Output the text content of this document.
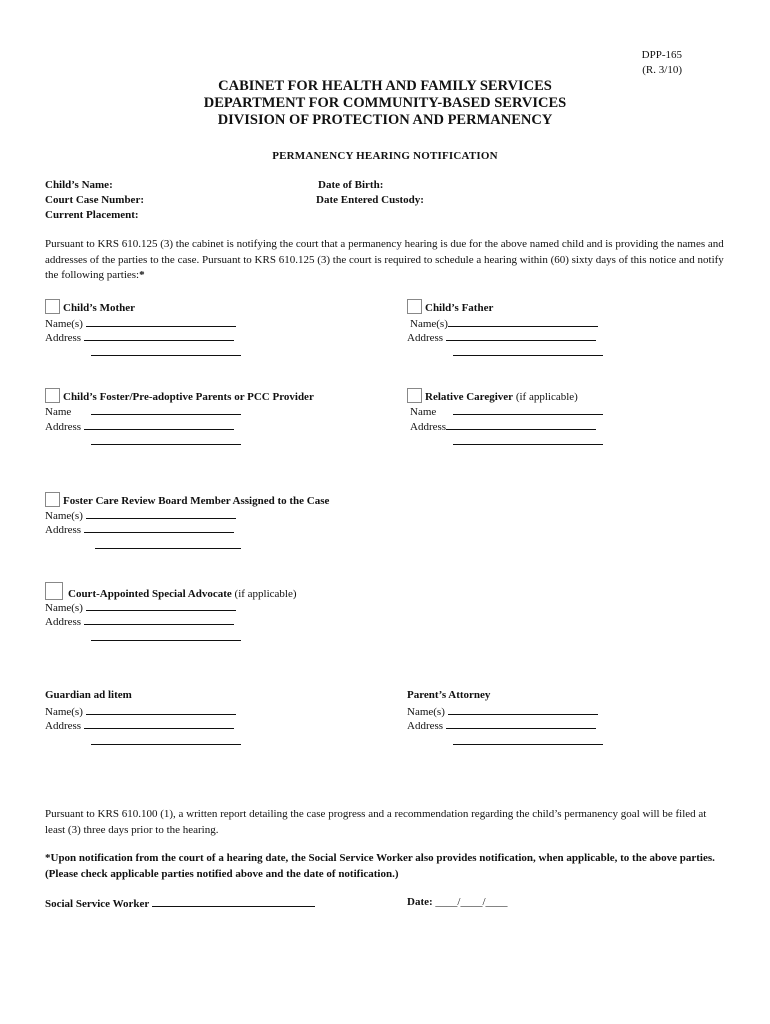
DPP-165
(R. 3/10)
CABINET FOR HEALTH AND FAMILY SERVICES
DEPARTMENT FOR COMMUNITY-BASED SERVICES
DIVISION OF PROTECTION AND PERMANENCY
PERMANENCY HEARING NOTIFICATION
Child’s Name:
Court Case Number:
Current Placement:
Date of Birth:
Date Entered Custody:
Pursuant to KRS 610.125 (3) the cabinet is notifying the court that a permanency hearing is due for the above named child and is providing the names and addresses of the parties to the case. Pursuant to KRS 610.125 (3) the court is required to schedule a hearing within (60) sixty days of this notice and notify the following parties:*
Child’s Mother
Name(s)
Address
Child’s Father
Name(s)
Address
Child’s Foster/Pre-adoptive Parents or PCC Provider
Name
Address
Relative Caregiver (if applicable)
Name
Address
Foster Care Review Board Member Assigned to the Case
Name(s)
Address
Court-Appointed Special Advocate (if applicable)
Name(s)
Address
Guardian ad litem
Name(s)
Address
Parent’s Attorney
Name(s)
Address
Pursuant to KRS 610.100 (1), a written report detailing the case progress and a recommendation regarding the child’s permanency goal will be filed at least (3) three days prior to the hearing.
*Upon notification from the court of a hearing date, the Social Service Worker also provides notification, when applicable, to the above parties. (Please check applicable parties notified above and the date of notification.)
Social Service Worker	Date: ____/____/____
